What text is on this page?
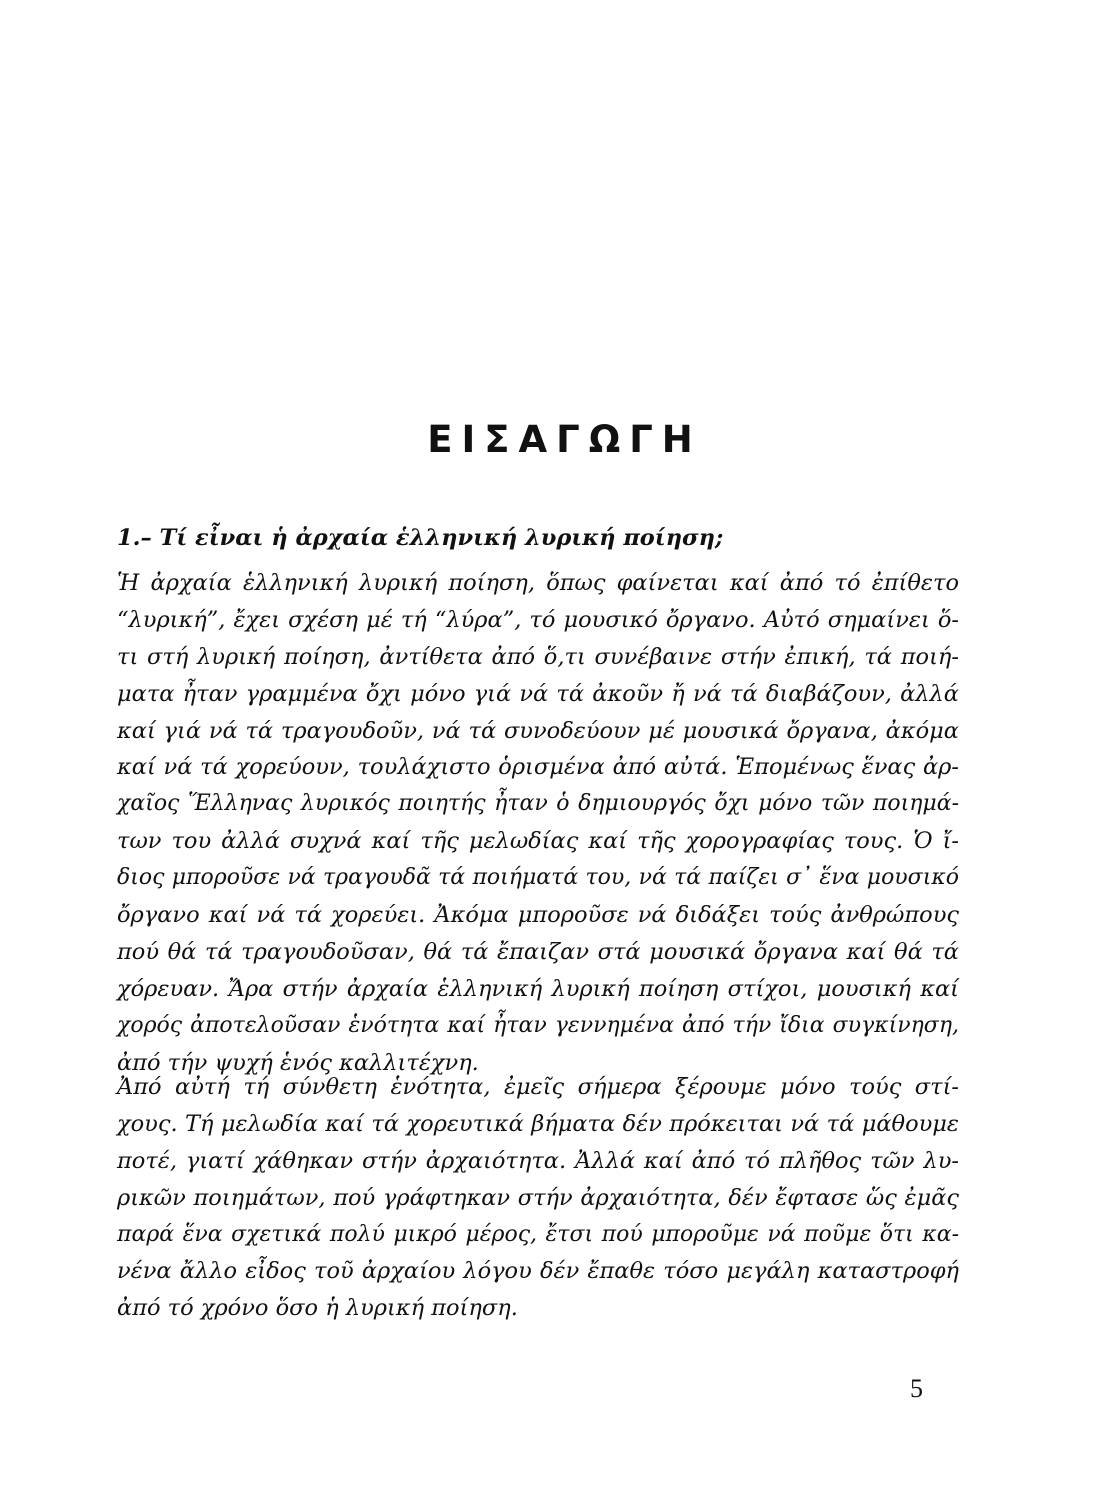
ΕΙΣΑΓΩΓΗ
1.– Τί εἶναι ἡ ἀρχαία ἑλληνική λυρική ποίηση;
Ἡ ἀρχαία ἑλληνική λυρική ποίηση, ὅπως φαίνεται καί ἀπό τό ἐπίθετο
“λυρική”, ἔχει σχέση μέ τή “λύρα”, τό μουσικό ὄργανο. Αὐτό σημαίνει ὅ-
τι στή λυρική ποίηση, ἀντίθετα ἀπό ὅ,τι συνέβαινε στήν ἐπική, τά ποιή-
ματα ἦταν γραμμένα ὄχι μόνο γιά νά τά ἀκοῦν ἤ νά τά διαβάζουν, ἀλλά
καί γιά νά τά τραγουδοῦν, νά τά συνοδεύουν μέ μουσικά ὄργανα, ἀκόμα
καί νά τά χορεύουν, τουλάχιστο ὁρισμένα ἀπό αὐτά. Ἑπομένως ἕνας ἀρ-
χαῖος Ἕλληνας λυρικός ποιητής ἦταν ὁ δημιουργός ὄχι μόνο τῶν ποιημά-
των του ἀλλά συχνά καί τῆς μελωδίας καί τῆς χορογραφίας τους. Ὁ ἴ-
διος μποροῦσε νά τραγουδᾶ τά ποιήματά του, νά τά παίζει σ᾽ ἕνα μουσικό
ὄργανο καί νά τά χορεύει. Ἀκόμα μποροῦσε νά διδάξει τούς ἀνθρώπους
πού θά τά τραγουδοῦσαν, θά τά ἔπαιζαν στά μουσικά ὄργανα καί θά τά
χόρευαν. Ἄρα στήν ἀρχαία ἑλληνική λυρική ποίηση στίχοι, μουσική καί
χορός ἀποτελοῦσαν ἑνότητα καί ἦταν γεννημένα ἀπό τήν ἴδια συγκίνηση,
ἀπό τήν ψυχή ἑνός καλλιτέχνη.
Ἀπό αὐτή τή σύνθετη ἑνότητα, ἐμεῖς σήμερα ξέρουμε μόνο τούς στί-
χους. Τή μελωδία καί τά χορευτικά βήματα δέν πρόκειται νά τά μάθουμε
ποτέ, γιατί χάθηκαν στήν ἀρχαιότητα. Ἀλλά καί ἀπό τό πλῆθος τῶν λυ-
ρικῶν ποιημάτων, πού γράφτηκαν στήν ἀρχαιότητα, δέν ἔφτασε ὥς ἐμᾶς
παρά ἕνα σχετικά πολύ μικρό μέρος, ἔτσι πού μποροῦμε νά ποῦμε ὅτι κα-
νένα ἄλλο εἶδος τοῦ ἀρχαίου λόγου δέν ἔπαθε τόσο μεγάλη καταστροφή
ἀπό τό χρόνο ὅσο ἡ λυρική ποίηση.
5
